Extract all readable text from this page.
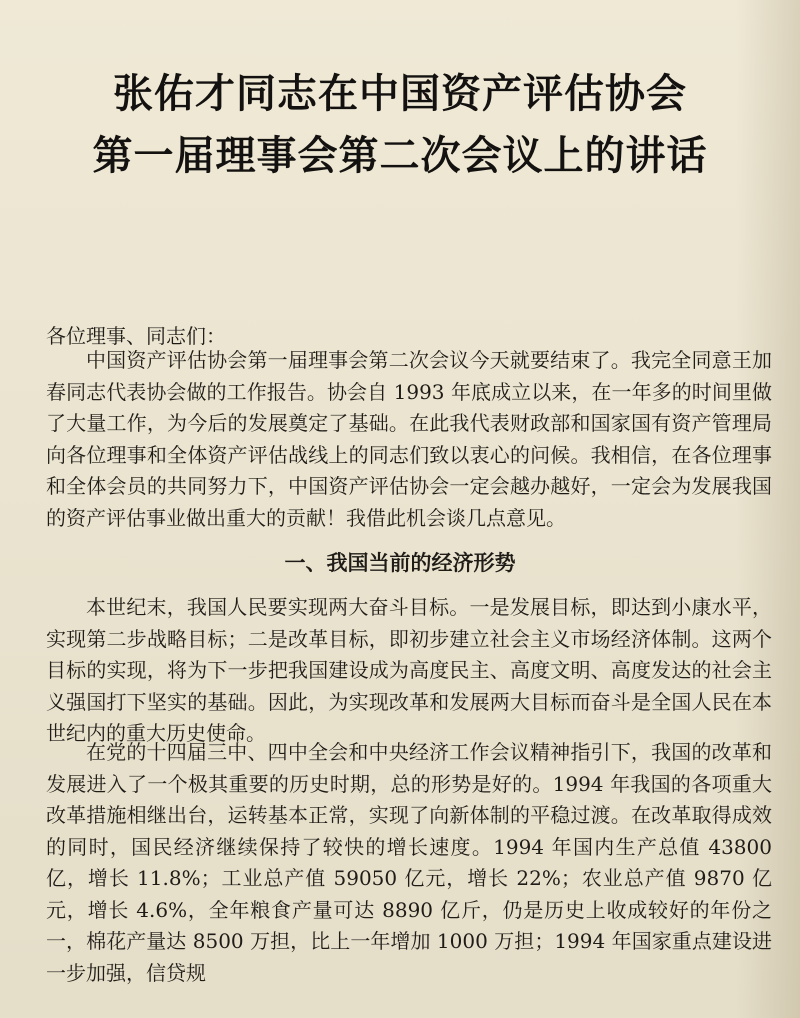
张佑才同志在中国资产评估协会
第一届理事会第二次会议上的讲话

各位理事、同志们：

中国资产评估协会第一届理事会第二次会议今天就要结束了。我完全同意王加春同志代表协会做的工作报告。协会自 1993 年底成立以来，在一年多的时间里做了大量工作，为今后的发展奠定了基础。在此我代表财政部和国家国有资产管理局向各位理事和全体资产评估战线上的同志们致以衷心的问候。我相信，在各位理事和全体会员的共同努力下，中国资产评估协会一定会越办越好，一定会为发展我国的资产评估事业做出重大的贡献！我借此机会谈几点意见。

一、我国当前的经济形势

本世纪末，我国人民要实现两大奋斗目标。一是发展目标，即达到小康水平，实现第二步战略目标；二是改革目标，即初步建立社会主义市场经济体制。这两个目标的实现，将为下一步把我国建设成为高度民主、高度文明、高度发达的社会主义强国打下坚实的基础。因此，为实现改革和发展两大目标而奋斗是全国人民在本世纪内的重大历史使命。

在党的十四届三中、四中全会和中央经济工作会议精神指引下，我国的改革和发展进入了一个极其重要的历史时期，总的形势是好的。1994 年我国的各项重大改革措施相继出台，运转基本正常，实现了向新体制的平稳过渡。在改革取得成效的同时，国民经济继续保持了较快的增长速度。1994 年国内生产总值 43800 亿，增长 11.8%；工业总产值 59050 亿元，增长 22%；农业总产值 9870 亿元，增长 4.6%，全年粮食产量可达 8890 亿斤，仍是历史上收成较好的年份之一，棉花产量达 8500 万担，比上一年增加 1000 万担；1994 年国家重点建设进一步加强，信贷规
